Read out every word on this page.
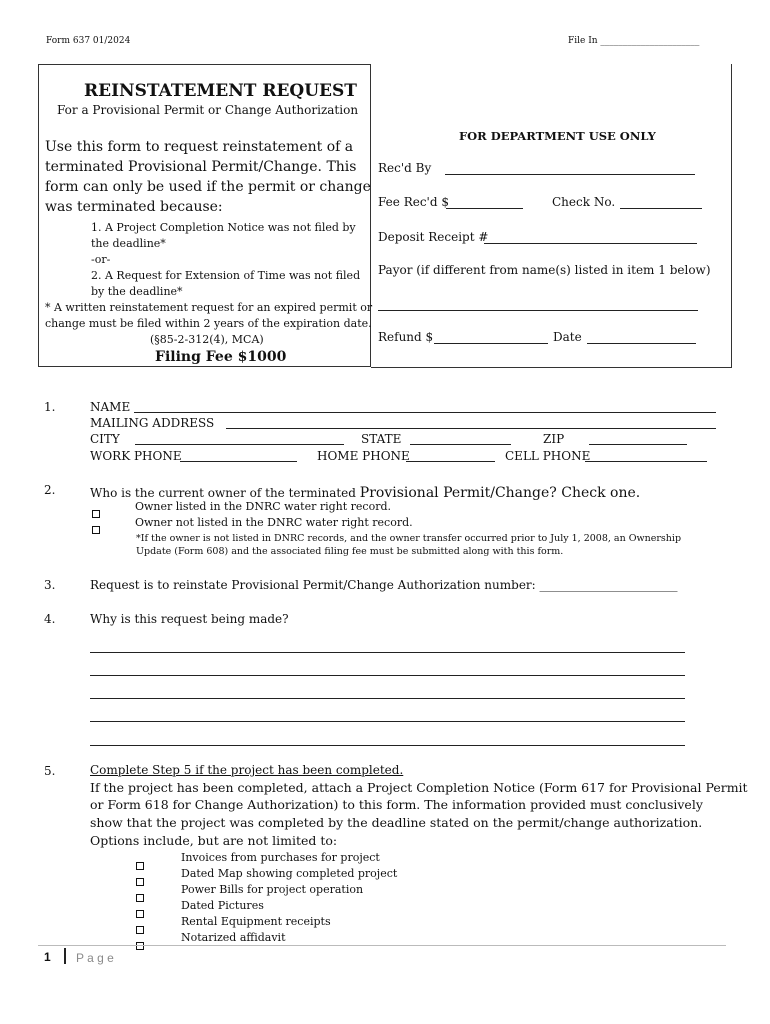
Form 637 01/2024	File In ______________________
REINSTATEMENT REQUEST
For a Provisional Permit or Change Authorization
Use this form to request reinstatement of a
terminated Provisional Permit/Change. This
form can only be used if the permit or change
was terminated because:
1. A Project Completion Notice was not filed by
the deadline*
-or-
2. A Request for Extension of Time was not filed
by the deadline*
* A written reinstatement request for an expired permit or
change must be filed within 2 years of the expiration date.
(§85-2-312(4), MCA)
Filing Fee $1000
FOR DEPARTMENT USE ONLY
Rec'd By
Fee Rec'd $	Check No.
Deposit Receipt #
Payor (if different from name(s) listed in item 1 below)
Refund $	Date
1.	NAME
MAILING ADDRESS
CITY	STATE	ZIP
WORK PHONE	HOME PHONE	CELL PHONE
2.	Who is the current owner of the terminated Provisional Permit/Change? Check one.
Owner listed in the DNRC water right record.
Owner not listed in the DNRC water right record.
*If the owner is not listed in DNRC records, and the owner transfer occurred prior to July 1, 2008, an Ownership
Update (Form 608) and the associated filing fee must be submitted along with this form.
3.	Request is to reinstate Provisional Permit/Change Authorization number: _______________________
4.	Why is this request being made?
5.	Complete Step 5 if the project has been completed.
If the project has been completed, attach a Project Completion Notice (Form 617 for Provisional Permit
or Form 618 for Change Authorization) to this form. The information provided must conclusively
show that the project was completed by the deadline stated on the permit/change authorization.
Options include, but are not limited to:
Invoices from purchases for project
Dated Map showing completed project
Power Bills for project operation
Dated Pictures
Rental Equipment receipts
Notarized affidavit
1 P a g e
